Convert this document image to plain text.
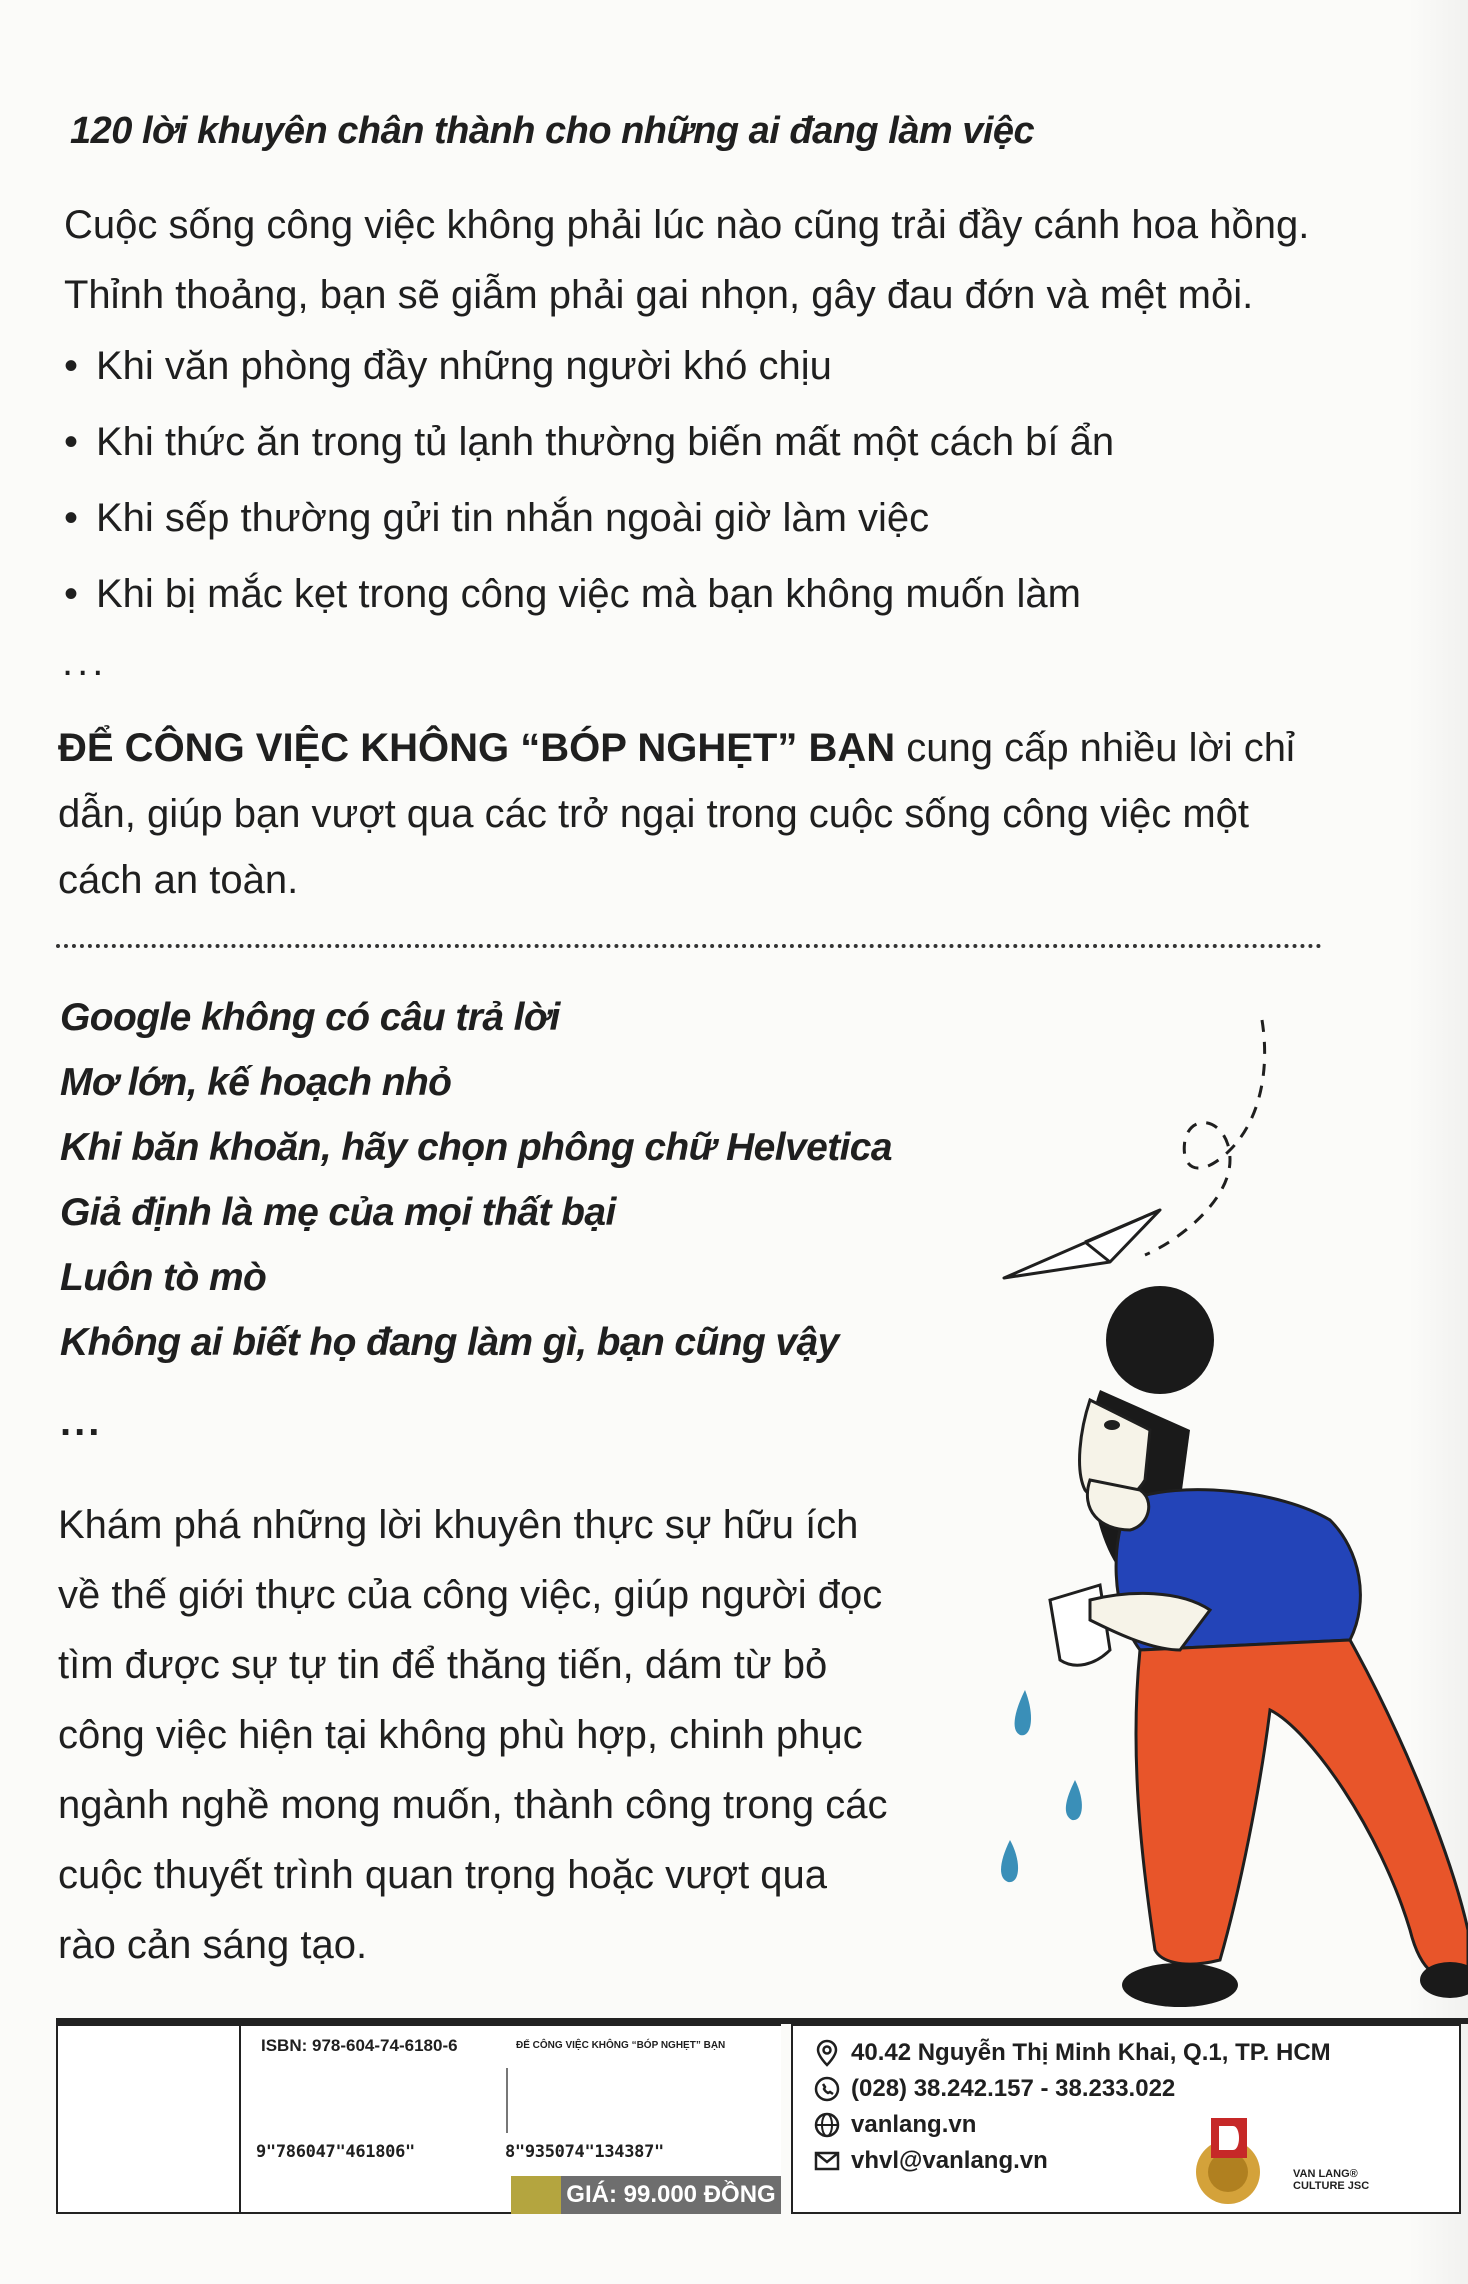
120 lời khuyên chân thành cho những ai đang làm việc
Cuộc sống công việc không phải lúc nào cũng trải đầy cánh hoa hồng. Thỉnh thoảng, bạn sẽ giẫm phải gai nhọn, gây đau đớn và mệt mỏi.
• Khi văn phòng đầy những người khó chịu
• Khi thức ăn trong tủ lạnh thường biến mất một cách bí ẩn
• Khi sếp thường gửi tin nhắn ngoài giờ làm việc
• Khi bị mắc kẹt trong công việc mà bạn không muốn làm
...
ĐỂ CÔNG VIỆC KHÔNG “BÓP NGHẸT” BẠN cung cấp nhiều lời chỉ dẫn, giúp bạn vượt qua các trở ngại trong cuộc sống công việc một cách an toàn.
Google không có câu trả lời
Mơ lớn, kế hoạch nhỏ
Khi băn khoăn, hãy chọn phông chữ Helvetica
Giả định là mẹ của mọi thất bại
Luôn tò mò
Không ai biết họ đang làm gì, bạn cũng vậy
...
Khám phá những lời khuyên thực sự hữu ích về thế giới thực của công việc, giúp người đọc tìm được sự tự tin để thăng tiến, dám từ bỏ công việc hiện tại không phù hợp, chinh phục ngành nghề mong muốn, thành công trong các cuộc thuyết trình quan trọng hoặc vượt qua rào cản sáng tạo.
ISBN: 978-604-74-6180-6	ĐỂ CÔNG VIỆC KHÔNG “BÓP NGHẸT” BẠN
9"786047"461806"	8"935074"134387"
GIÁ: 99.000 ĐỒNG
40.42 Nguyễn Thị Minh Khai, Q.1, TP. HCM
(028) 38.242.157 - 38.233.022
vanlang.vn
vhvl@vanlang.vn	VAN LANG®
CULTURE JSC
